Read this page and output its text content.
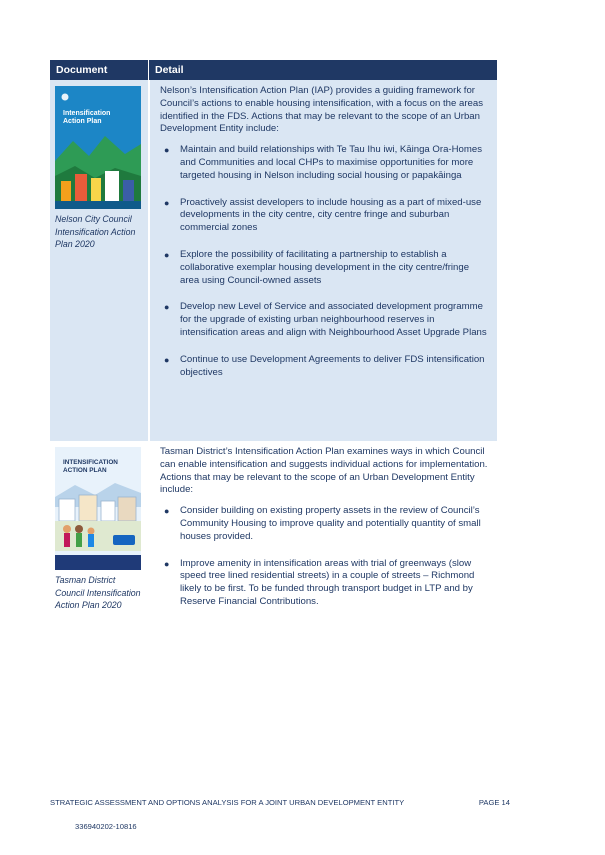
Document	Detail
Intensification Action Plan
Nelson City Council Intensification Action Plan 2020
Nelson’s Intensification Action Plan (IAP) provides a guiding framework for Council’s actions to enable housing intensification, with a focus on the areas identified in the FDS. Actions that may be relevant to the scope of an Urban Development Entity include:
● Maintain and build relationships with Te Tau Ihu iwi, Kāinga Ora-Homes and Communities and local CHPs to maximise opportunities for more targeted housing in Nelson including social housing or papakāinga
● Proactively assist developers to include housing as a part of mixed-use developments in the city centre, city centre fringe and suburban commercial zones
● Explore the possibility of facilitating a partnership to establish a collaborative exemplar housing development in the city centre/fringe area using Council-owned assets
● Develop new Level of Service and associated development programme for the upgrade of existing urban neighbourhood reserves in intensification areas and align with Neighbourhood Asset Upgrade Plans
● Continue to use Development Agreements to deliver FDS intensification objectives
INTENSIFICATION ACTION PLAN
Tasman District Council Intensification Action Plan 2020
Tasman District’s Intensification Action Plan examines ways in which Council can enable intensification and suggests individual actions for implementation. Actions that may be relevant to the scope of an Urban Development Entity include:
● Consider building on existing property assets in the review of Council’s Community Housing to improve quality and potentially quantity of small houses provided.
● Improve amenity in intensification areas with trial of greenways (slow speed tree lined residential streets) in a couple of streets – Richmond likely to be first. To be funded through transport budget in LTP and by Reserve Financial Contributions.
STRATEGIC ASSESSMENT AND OPTIONS ANALYSIS FOR A JOINT URBAN DEVELOPMENT ENTITY	PAGE 14
336940202-10816
